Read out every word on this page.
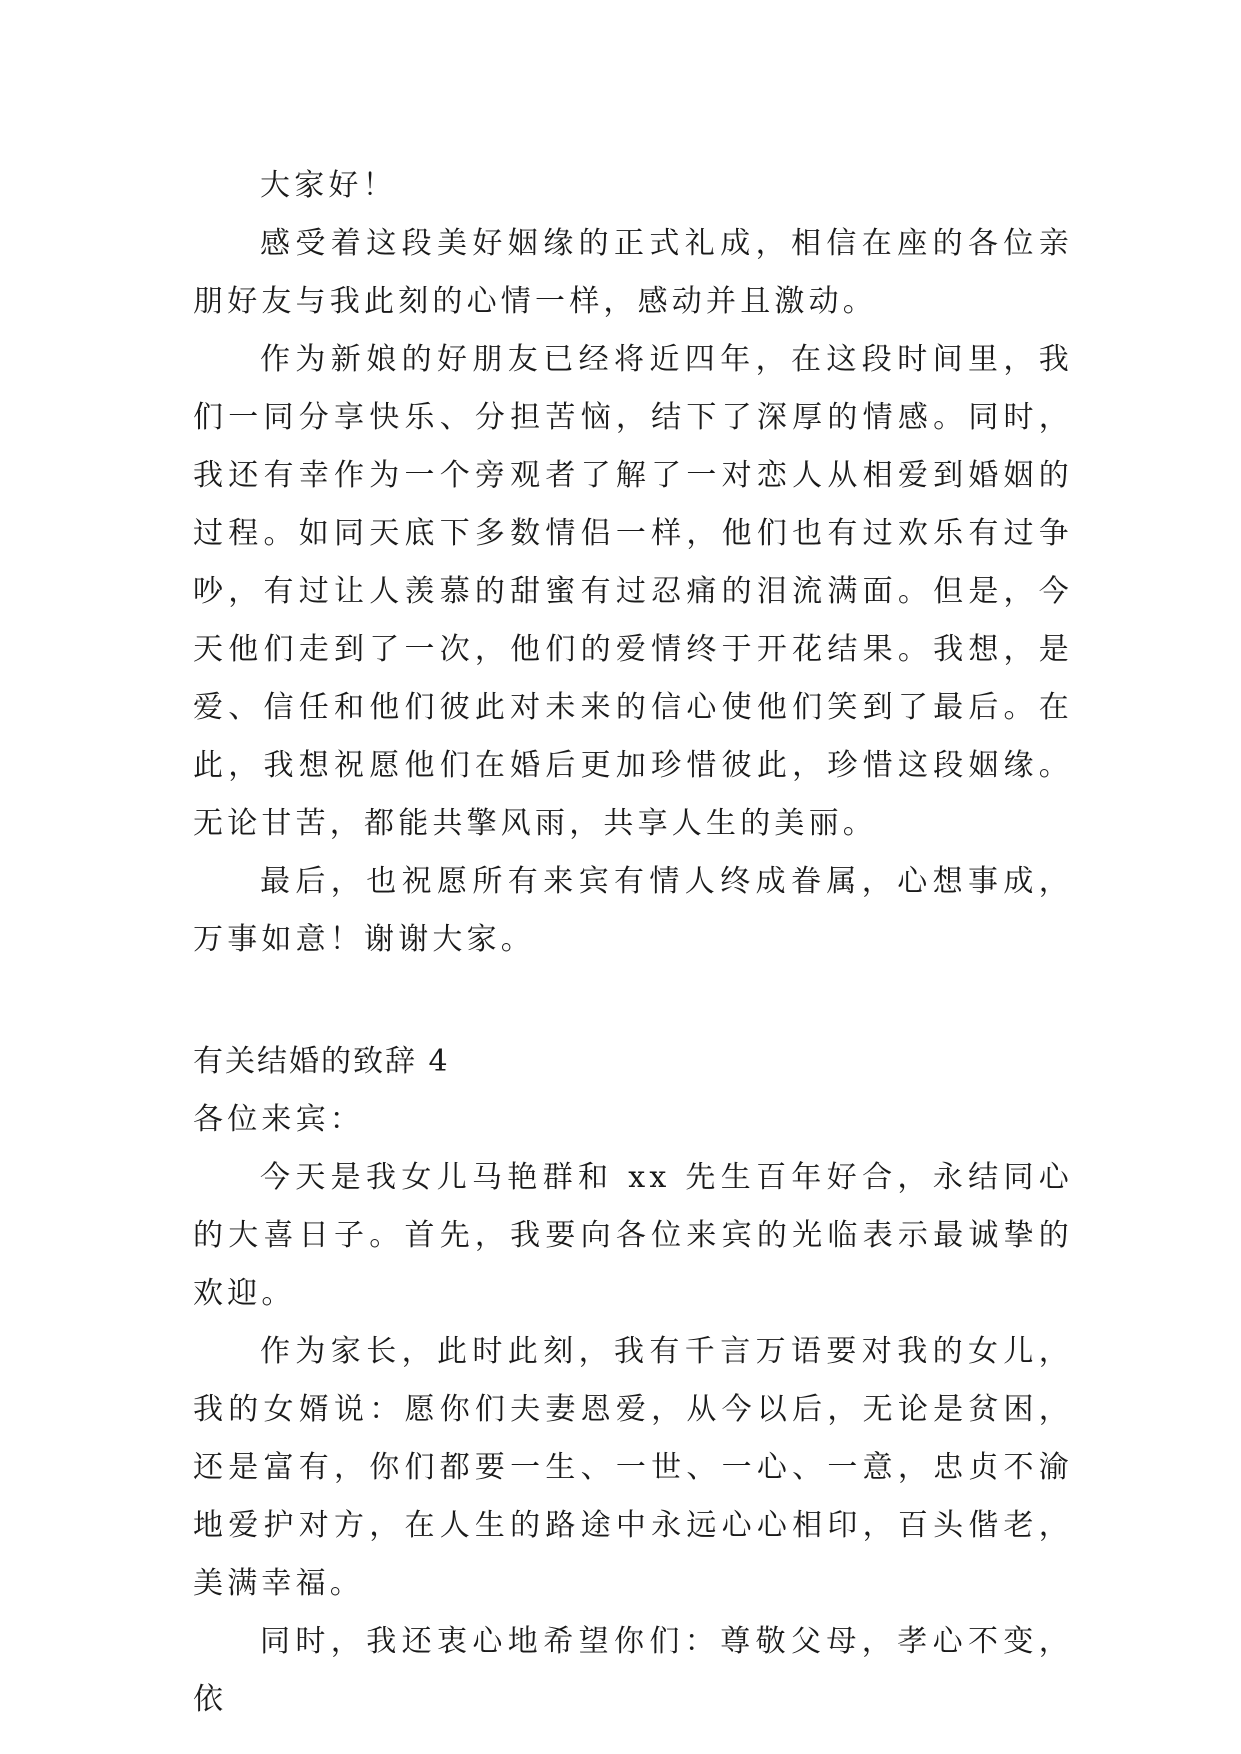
大家好！

感受着这段美好姻缘的正式礼成，相信在座的各位亲朋好友与我此刻的心情一样，感动并且激动。

作为新娘的好朋友已经将近四年，在这段时间里，我们一同分享快乐、分担苦恼，结下了深厚的情感。同时，我还有幸作为一个旁观者了解了一对恋人从相爱到婚姻的过程。如同天底下多数情侣一样，他们也有过欢乐有过争吵，有过让人羡慕的甜蜜有过忍痛的泪流满面。但是，今天他们走到了一次，他们的爱情终于开花结果。我想，是爱、信任和他们彼此对未来的信心使他们笑到了最后。在此，我想祝愿他们在婚后更加珍惜彼此，珍惜这段姻缘。无论甘苦，都能共擎风雨，共享人生的美丽。

最后，也祝愿所有来宾有情人终成眷属，心想事成，万事如意！谢谢大家。

有关结婚的致辞 4

各位来宾：

今天是我女儿马艳群和 xx 先生百年好合，永结同心的大喜日子。首先，我要向各位来宾的光临表示最诚挚的欢迎。

作为家长，此时此刻，我有千言万语要对我的女儿，我的女婿说：愿你们夫妻恩爱，从今以后，无论是贫困，还是富有，你们都要一生、一世、一心、一意，忠贞不渝地爱护对方，在人生的路途中永远心心相印，百头偕老，美满幸福。

同时，我还衷心地希望你们：尊敬父母，孝心不变，依
